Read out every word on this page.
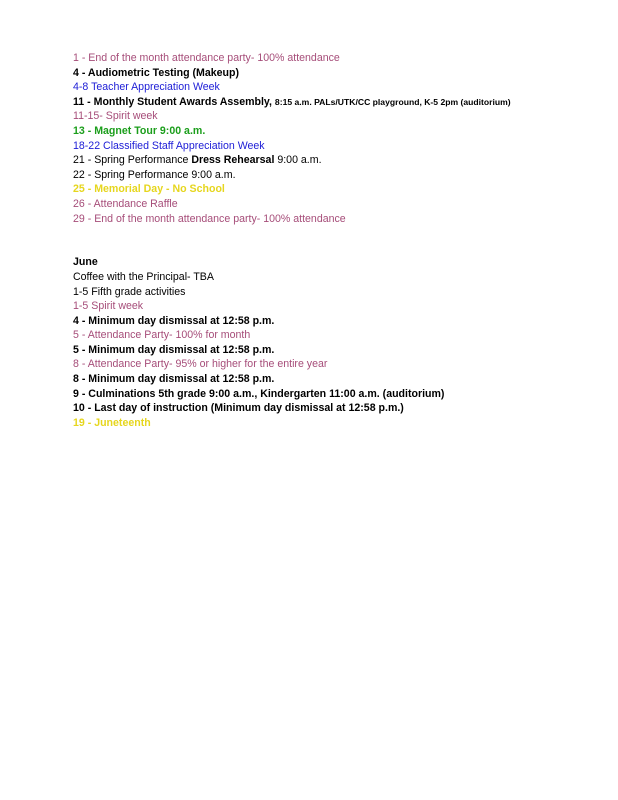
1 - End of the month attendance party- 100% attendance
4 - Audiometric Testing (Makeup)
4-8 Teacher Appreciation Week
11 - Monthly Student Awards Assembly, 8:15 a.m. PALs/UTK/CC playground, K-5 2pm (auditorium)
11-15- Spirit week
13 - Magnet Tour 9:00 a.m.
18-22 Classified Staff Appreciation Week
21 - Spring Performance Dress Rehearsal 9:00 a.m.
22 - Spring Performance 9:00 a.m.
25 - Memorial Day - No School
26 - Attendance Raffle
29 - End of the month attendance party- 100% attendance
June
Coffee with the Principal- TBA
1-5 Fifth grade activities
1-5 Spirit week
4 - Minimum day dismissal at 12:58 p.m.
5 - Attendance Party- 100% for month
5 - Minimum day dismissal at 12:58 p.m.
8 - Attendance Party- 95% or higher for the entire year
8 - Minimum day dismissal at 12:58 p.m.
9 - Culminations 5th grade 9:00 a.m., Kindergarten 11:00 a.m. (auditorium)
10 - Last day of instruction (Minimum day dismissal at 12:58 p.m.)
19 - Juneteenth
